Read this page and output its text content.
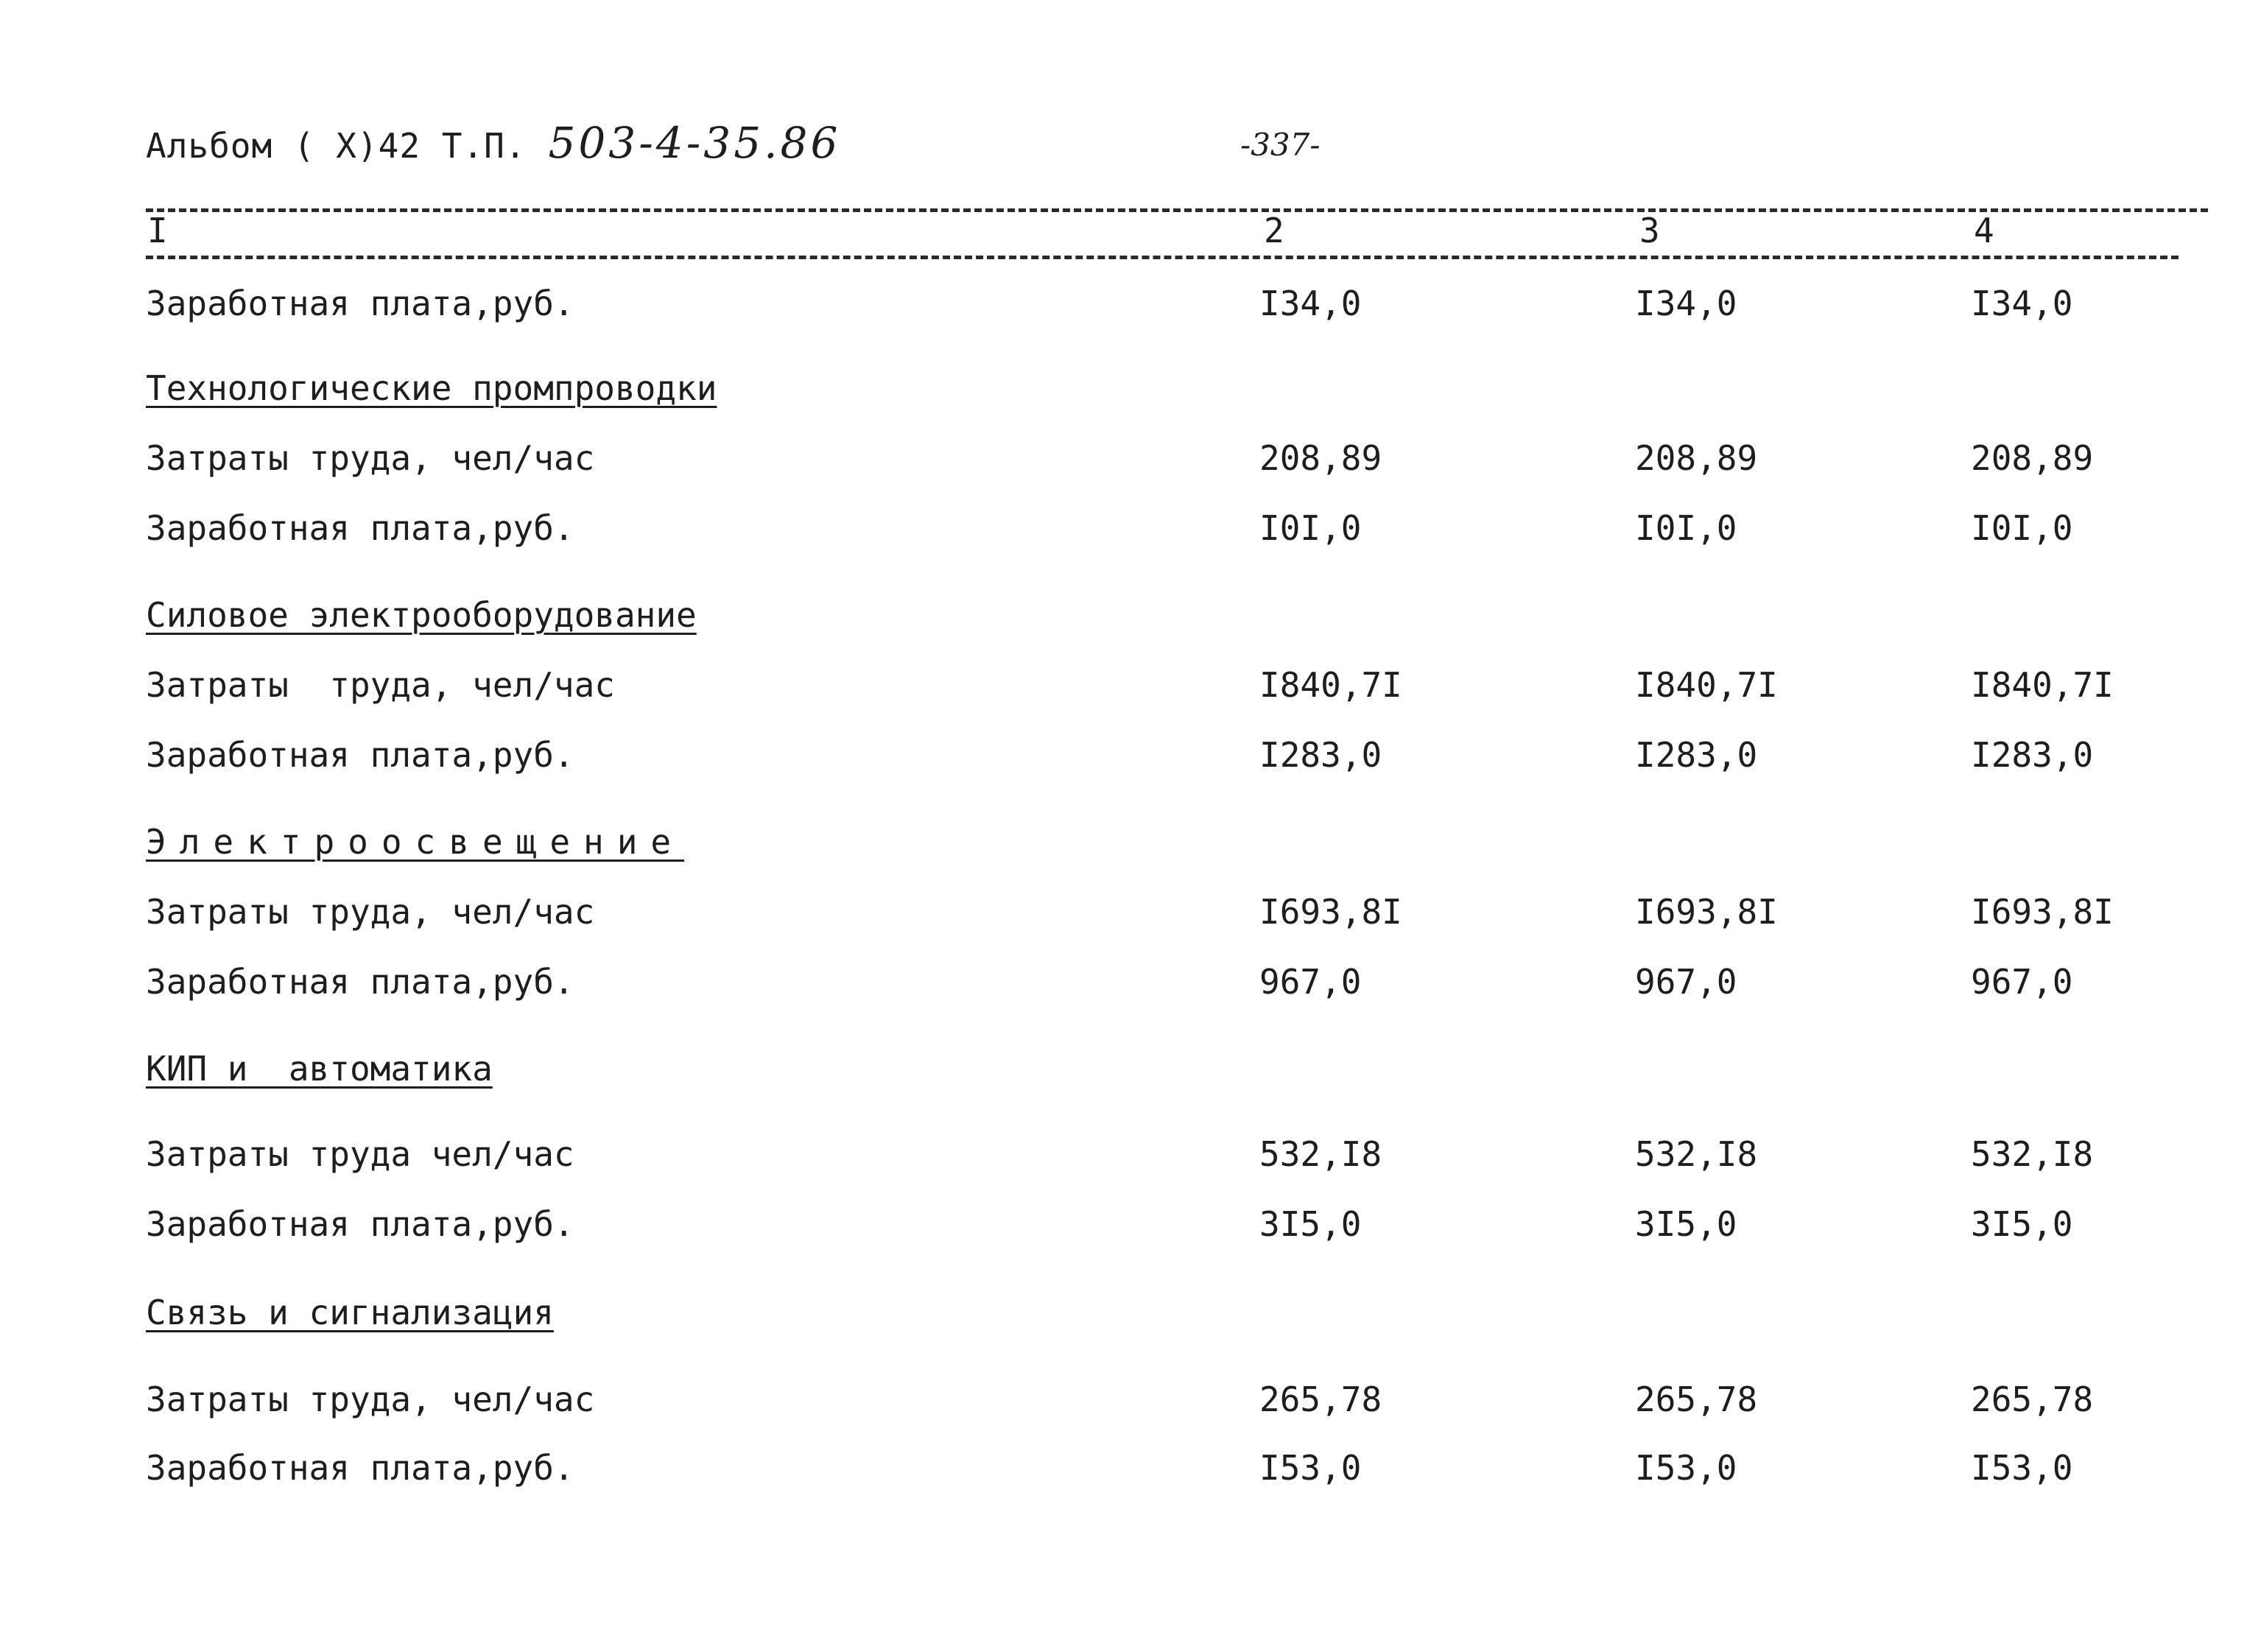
Альбом ( X)42 Т.П. 503-4-35.86	-337-
I	2	3	4
Заработная плата,руб.	I34,0	I34,0	I34,0
Технологические промпроводки
Затраты труда, чел/час	208,89	208,89	208,89
Заработная плата,руб.	I0I,0	I0I,0	I0I,0
Силовое электрооборудование
Затраты  труда, чел/час	I840,7I	I840,7I	I840,7I
Заработная плата,руб.	I283,0	I283,0	I283,0
Электроосвещение
Затраты труда, чел/час	I693,8I	I693,8I	I693,8I
Заработная плата,руб.	967,0	967,0	967,0
КИП и  автоматика
Затраты труда чел/час	532,I8	532,I8	532,I8
Заработная плата,руб.	3I5,0	3I5,0	3I5,0
Связь и сигнализация
Затраты труда, чел/час	265,78	265,78	265,78
Заработная плата,руб.	I53,0	I53,0	I53,0
